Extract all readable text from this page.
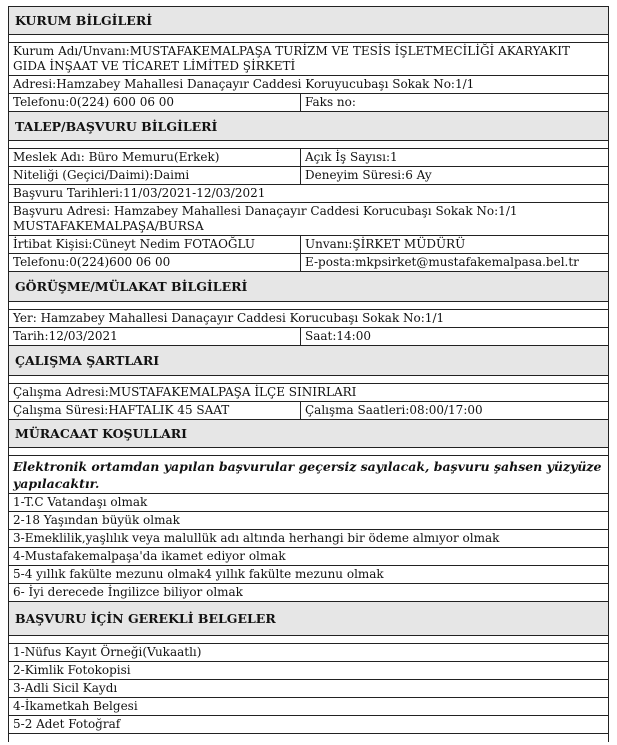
KURUM BİLGİLERİ
Kurum Adı/Unvanı:MUSTAFAKEMALPAŞA TURİZM VE TESİS İŞLETMECİLİĞİ AKARYAKIT GIDA İNŞAAT VE TİCARET LİMİTED ŞİRKETİ
Adresi:Hamzabey Mahallesi Danaçayır Caddesi Koruyucubaşı Sokak No:1/1
Telefonu:0(224) 600 06 00	Faks no:
TALEP/BAŞVURU BİLGİLERİ
Meslek Adı: Büro Memuru(Erkek)	Açık İş Sayısı:1
Niteliği (Geçici/Daimi):Daimi	Deneyim Süresi:6 Ay
Başvuru Tarihleri:11/03/2021-12/03/2021
Başvuru Adresi: Hamzabey Mahallesi Danaçayır Caddesi Korucubaşı Sokak No:1/1 MUSTAFAKEMALPAŞA/BURSA
İrtibat Kişisi:Cüneyt Nedim FOTAOĞLU	Unvanı:ŞİRKET MÜDÜRÜ
Telefonu:0(224)600 06 00	E-posta:mkpsirket@mustafakemalpasa.bel.tr
GÖRÜŞME/MÜLAKAT BİLGİLERİ
Yer: Hamzabey Mahallesi Danaçayır Caddesi Korucubaşı Sokak No:1/1
Tarih:12/03/2021	Saat:14:00
ÇALIŞMA ŞARTLARI
Çalışma Adresi:MUSTAFAKEMALPAŞA İLÇE SINIRLARI
Çalışma Süresi:HAFTALIK 45 SAAT	Çalışma Saatleri:08:00/17:00
MÜRACAAT KOŞULLARI
Elektronik ortamdan yapılan başvurular geçersiz sayılacak, başvuru şahsen yüzyüze yapılacaktır.
1-T.C Vatandaşı olmak
2-18 Yaşından büyük olmak
3-Emeklilik,yaşlılık veya malullük adı altında herhangi bir ödeme almıyor olmak
4-Mustafakemalpaşa'da ikamet ediyor olmak
5-4 yıllık fakülte mezunu olmak4 yıllık fakülte mezunu olmak
6- İyi derecede İngilizce biliyor olmak
BAŞVURU İÇİN GEREKLİ BELGELER
1-Nüfus Kayıt Örneği(Vukaatlı)
2-Kimlik Fotokopisi
3-Adli Sicil Kaydı
4-İkametkah Belgesi
5-2 Adet Fotoğraf
